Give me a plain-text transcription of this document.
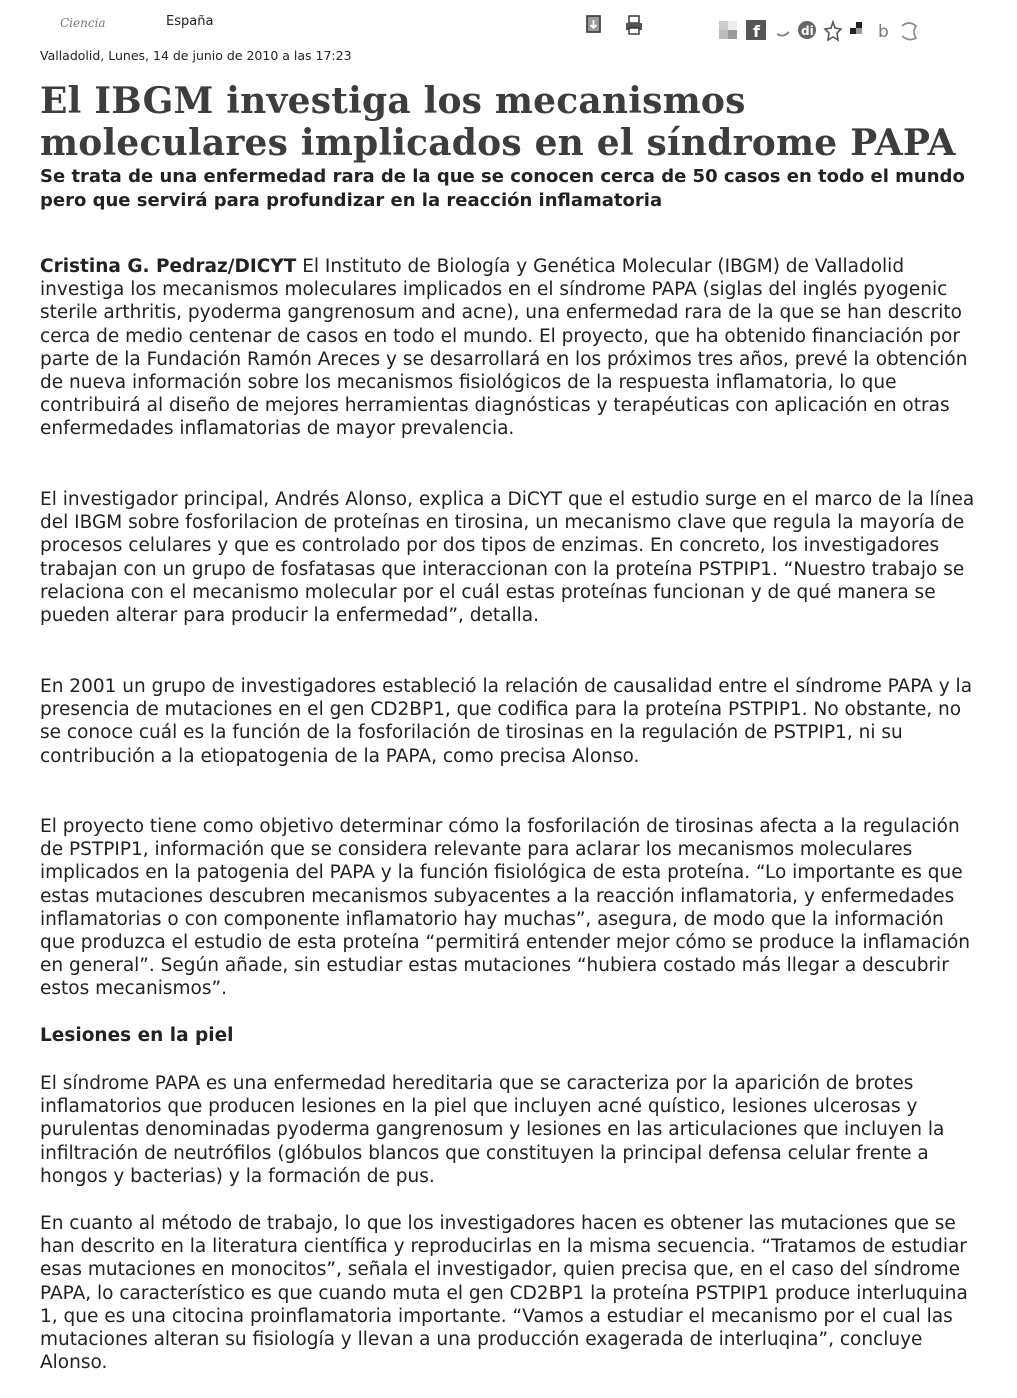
Ciencia	España
f	di	b
Valladolid, Lunes, 14 de junio de 2010 a las 17:23
El IBGM investiga los mecanismos moleculares implicados en el síndrome PAPA
Se trata de una enfermedad rara de la que se conocen cerca de 50 casos en todo el mundo pero que servirá para profundizar en la reacción inflamatoria

Cristina G. Pedraz/DICYT El Instituto de Biología y Genética Molecular (IBGM) de Valladolid investiga los mecanismos moleculares implicados en el síndrome PAPA (siglas del inglés pyogenic sterile arthritis, pyoderma gangrenosum and acne), una enfermedad rara de la que se han descrito cerca de medio centenar de casos en todo el mundo. El proyecto, que ha obtenido financiación por parte de la Fundación Ramón Areces y se desarrollará en los próximos tres años, prevé la obtención de nueva información sobre los mecanismos fisiológicos de la respuesta inflamatoria, lo que contribuirá al diseño de mejores herramientas diagnósticas y terapéuticas con aplicación en otras enfermedades inflamatorias de mayor prevalencia.

El investigador principal, Andrés Alonso, explica a DiCYT que el estudio surge en el marco de la línea del IBGM sobre fosforilacion de proteínas en tirosina, un mecanismo clave que regula la mayoría de procesos celulares y que es controlado por dos tipos de enzimas. En concreto, los investigadores trabajan con un grupo de fosfatasas que interaccionan con la proteína PSTPIP1. “Nuestro trabajo se relaciona con el mecanismo molecular por el cuál estas proteínas funcionan y de qué manera se pueden alterar para producir la enfermedad”, detalla.

En 2001 un grupo de investigadores estableció la relación de causalidad entre el síndrome PAPA y la presencia de mutaciones en el gen CD2BP1, que codifica para la proteína PSTPIP1. No obstante, no se conoce cuál es la función de la fosforilación de tirosinas en la regulación de PSTPIP1, ni su contribución a la etiopatogenia de la PAPA, como precisa Alonso.

El proyecto tiene como objetivo determinar cómo la fosforilación de tirosinas afecta a la regulación de PSTPIP1, información que se considera relevante para aclarar los mecanismos moleculares implicados en la patogenia del PAPA y la función fisiológica de esta proteína. “Lo importante es que estas mutaciones descubren mecanismos subyacentes a la reacción inflamatoria, y enfermedades inflamatorias o con componente inflamatorio hay muchas”, asegura, de modo que la información que produzca el estudio de esta proteína “permitirá entender mejor cómo se produce la inflamación en general”. Según añade, sin estudiar estas mutaciones “hubiera costado más llegar a descubrir estos mecanismos”.

Lesiones en la piel

El síndrome PAPA es una enfermedad hereditaria que se caracteriza por la aparición de brotes inflamatorios que producen lesiones en la piel que incluyen acné quístico, lesiones ulcerosas y purulentas denominadas pyoderma gangrenosum y lesiones en las articulaciones que incluyen la infiltración de neutrófilos (glóbulos blancos que constituyen la principal defensa celular frente a hongos y bacterias) y la formación de pus.

En cuanto al método de trabajo, lo que los investigadores hacen es obtener las mutaciones que se han descrito en la literatura científica y reproducirlas en la misma secuencia. “Tratamos de estudiar esas mutaciones en monocitos”, señala el investigador, quien precisa que, en el caso del síndrome PAPA, lo característico es que cuando muta el gen CD2BP1 la proteína PSTPIP1 produce interluquina 1, que es una citocina proinflamatoria importante. “Vamos a estudiar el mecanismo por el cual las mutaciones alteran su fisiología y llevan a una producción exagerada de interluqina”, concluye Alonso.
